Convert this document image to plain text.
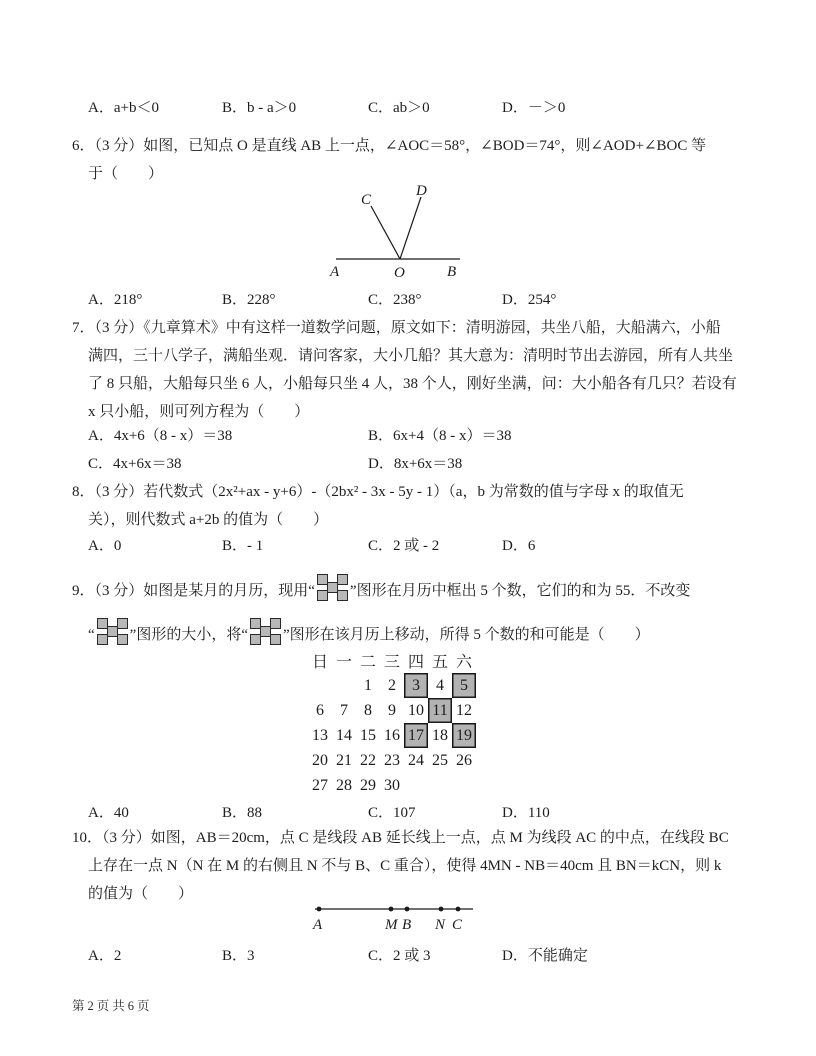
A．a+b＜0	B．b - a＞0	C．ab＞0	D．－＞0
6．（3 分）如图，已知点 O 是直线 AB 上一点，∠AOC＝58°，∠BOD＝74°，则∠AOD+∠BOC 等
于（　　）
C
D
A	O	B
A．218°	B．228°	C．238°	D．254°
7．（3 分）《九章算术》中有这样一道数学问题，原文如下：清明游园，共坐八船，大船满六，小船
满四，三十八学子，满船坐观．请问客家，大小几船？其大意为：清明时节出去游园，所有人共坐
了 8 只船，大船每只坐 6 人，小船每只坐 4 人，38 个人，刚好坐满，问：大小船各有几只？若设有
x 只小船，则可列方程为（　　）
A．4x+6（8 - x）＝38	B．6x+4（8 - x）＝38
C．4x+6x＝38	D．8x+6x＝38
8．（3 分）若代数式（2x²+ax - y+6）-（2bx² - 3x - 5y - 1）（a，b 为常数的值与字母 x 的取值无
关），则代数式 a+2b 的值为（　　）
A．0	B．- 1	C．2 或 - 2	D．6
9．（3 分）如图是某月的月历，现用“ ”图形在月历中框出 5 个数，它们的和为 55．不改变
“ ”图形的大小，将“ ”图形在该月历上移动，所得 5 个数的和可能是（　　）
日	一	二	三	四	五	六
		1	2	3	4	5
6	7	8	9	10	11	12
13	14	15	16	17	18	19
20	21	22	23	24	25	26
27	28	29	30			
A．40	B．88	C．107	D．110
10．（3 分）如图，AB＝20cm，点 C 是线段 AB 延长线上一点，点 M 为线段 AC 的中点，在线段 BC
上存在一点 N（N 在 M 的右侧且 N 不与 B、C 重合），使得 4MN - NB＝40cm 且 BN＝kCN，则 k
的值为（　　）
A	M B N C
A．2	B．3	C．2 或 3	D．不能确定
第2页共6页
